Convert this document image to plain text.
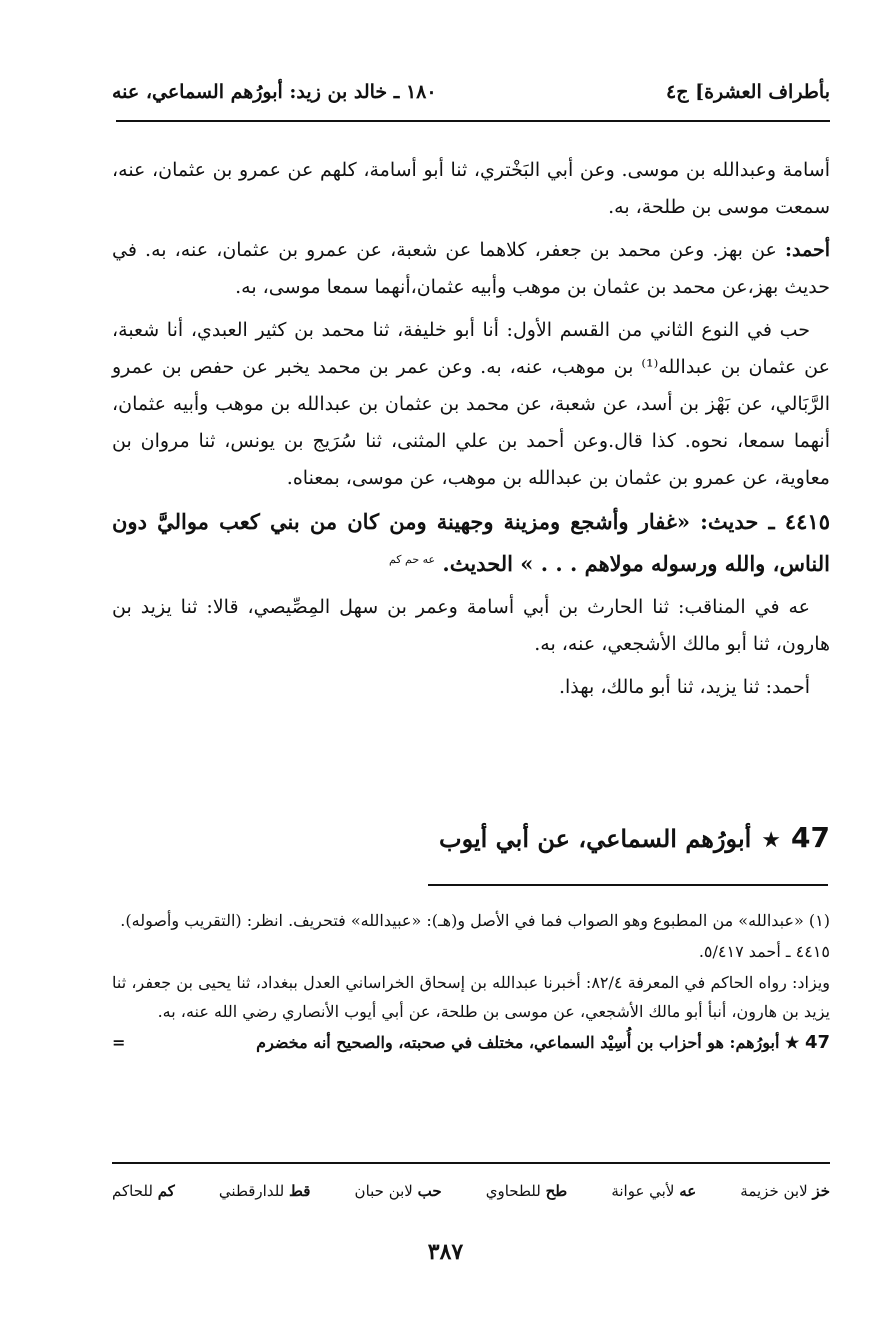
بأطراف العشرة] ج٤
١٨٠ ـ خالد بن زيد: أبورُهم السماعي، عنه

أسامة وعبدالله بن موسى. وعن أبي البَخْتري، ثنا أبو أسامة، كلهم عن عمرو بن عثمان، عنه، سمعت موسى بن طلحة، به.

أحمد: عن بهز. وعن محمد بن جعفر، كلاهما عن شعبة، عن عمرو بن عثمان، عنه، به. في حديث بهز،عن محمد بن عثمان بن موهب وأبيه عثمان،أنهما سمعا موسى، به.

حب في النوع الثاني من القسم الأول: أنا أبو خليفة، ثنا محمد بن كثير العبدي، أنا شعبة، عن عثمان بن عبدالله⁽¹⁾ بن موهب، عنه، به. وعن عمر بن محمد يخبر عن حفص بن عمرو الرَّبَالي، عن بَهْز بن أسد، عن شعبة، عن محمد بن عثمان بن عبدالله بن موهب وأبيه عثمان، أنهما سمعا، نحوه. كذا قال.وعن أحمد بن علي المثنى، ثنا سُرَيج بن يونس، ثنا مروان بن معاوية، عن عمرو بن عثمان بن عبدالله بن موهب، عن موسى، بمعناه.

٤٤١٥ ـ حديث: «غفار وأشجع ومزينة وجهينة ومن كان من بني كعب مواليَّ دون الناس، والله ورسوله مولاهم . . . » الحديث. $^{عه حم كم}$

عه في المناقب: ثنا الحارث بن أبي أسامة وعمر بن سهل المِصِّيصي، قالا: ثنا يزيد بن هارون، ثنا أبو مالك الأشجعي، عنه، به.

أحمد: ثنا يزيد، ثنا أبو مالك، بهذا.

47★أبورُهم السماعي، عن أبي أيوب

(١) «عبدالله» من المطبوع وهو الصواب فما في الأصل و(هـ): «عبيدالله» فتحريف. انظر: (التقريب وأصوله).

٤٤١٥ ـ أحمد ٥/٤١٧.

ويزاد: رواه الحاكم في المعرفة ٨٢/٤: أخبرنا عبدالله بن إسحاق الخراساني العدل ببغداد، ثنا يحيى بن جعفر، ثنا يزيد بن هارون، أنبأ أبو مالك الأشجعي، عن موسى بن طلحة، عن أبي أيوب الأنصاري رضي الله عنه، به.

47 ★ أبورُهم: هو أحزاب بن أُسِيْد السماعي، مختلف في صحبته، والصحيح أنه مخضرم
=

خز لابن خزيمة
عه لأبي عوانة
طح للطحاوي
حب لابن حبان
قط للدارقطني
كم للحاكم
٣٨٧
